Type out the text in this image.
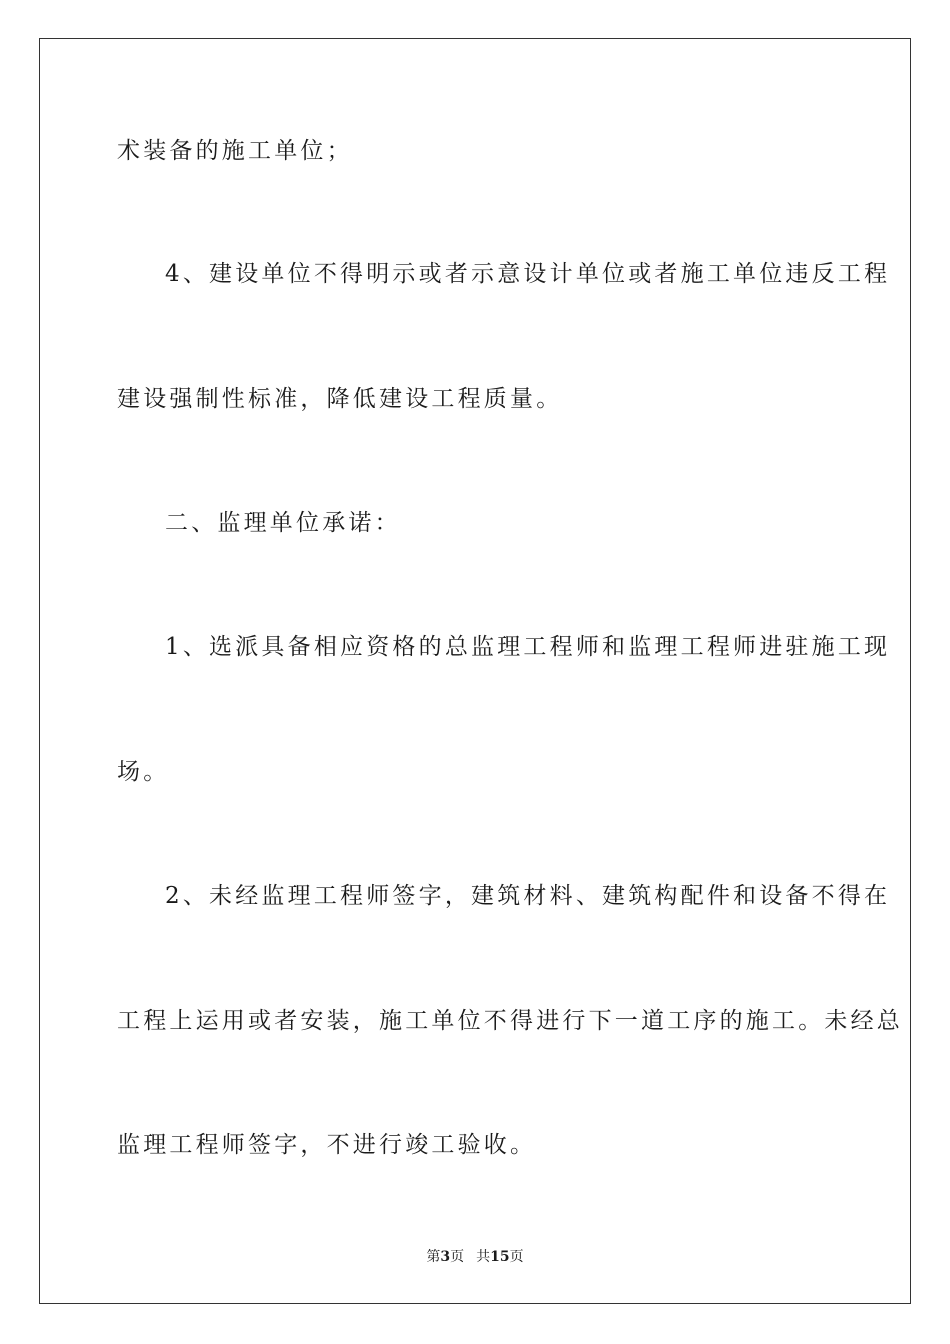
术装备的施工单位；
4、建设单位不得明示或者示意设计单位或者施工单位违反工程
建设强制性标准，降低建设工程质量。
二、监理单位承诺：
1、选派具备相应资格的总监理工程师和监理工程师进驻施工现
场。
2、未经监理工程师签字，建筑材料、建筑构配件和设备不得在
工程上运用或者安装，施工单位不得进行下一道工序的施工。未经总
监理工程师签字，不进行竣工验收。
第3页 共15页
